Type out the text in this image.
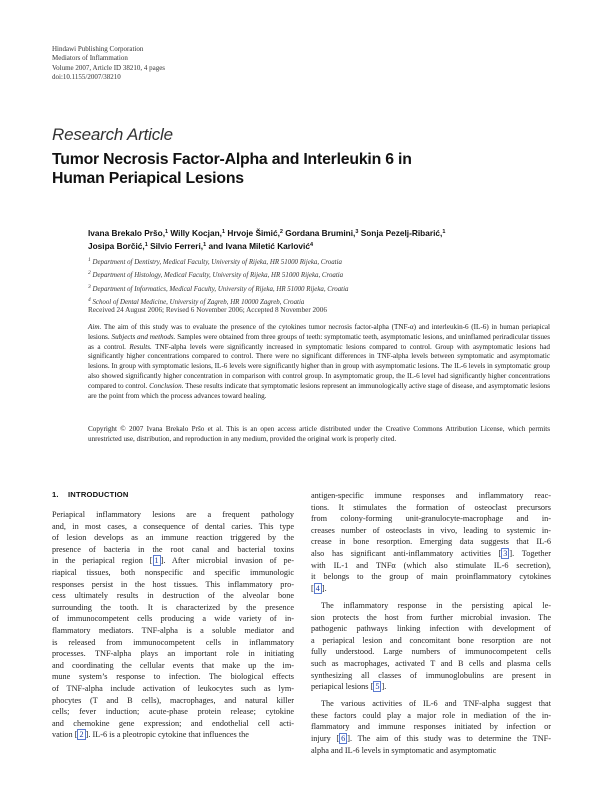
Hindawi Publishing Corporation
Mediators of Inflammation
Volume 2007, Article ID 38210, 4 pages
doi:10.1155/2007/38210
Research Article
Tumor Necrosis Factor-Alpha and Interleukin 6 in
Human Periapical Lesions
Ivana Brekalo Pršo,$^1$ Willy Kocjan,$^1$ Hrvoje Šimić,$^2$ Gordana Brumini,$^3$ Sonja Pezelj-Ribarić,$^1$
Josipa Borčić,$^1$ Silvio Ferreri,$^1$ and Ivana Miletić Karlović$^4$
$^1$ Department of Dentistry, Medical Faculty, University of Rijeka, HR 51000 Rijeka, Croatia
$^2$ Department of Histology, Medical Faculty, University of Rijeka, HR 51000 Rijeka, Croatia
$^3$ Department of Informatics, Medical Faculty, University of Rijeka, HR 51000 Rijeka, Croatia
$^4$ School of Dental Medicine, University of Zagreb, HR 10000 Zagreb, Croatia
Received 24 August 2006; Revised 6 November 2006; Accepted 8 November 2006
Aim. The aim of this study was to evaluate the presence of the cytokines tumor necrosis factor-alpha (TNF-α) and interleukin-6 (IL-6) in human periapical lesions. Subjects and methods. Samples were obtained from three groups of teeth: symptomatic teeth, asymptomatic lesions, and uninflamed periradicular tissues as a control. Results. TNF-alpha levels were significantly increased in symptomatic lesions compared to control. Group with asymptomatic lesions had significantly higher concentrations compared to control. There were no significant differences in TNF-alpha levels between symptomatic and asymptomatic lesions. In group with symptomatic lesions, IL-6 levels were significantly higher than in group with asymptomatic lesions. The IL-6 levels in symptomatic group also showed significantly higher concentration in comparison with control group. In asymptomatic group, the IL-6 level had significantly higher concentrations compared to control. Conclusion. These results indicate that symptomatic lesions represent an immunologically active stage of disease, and asymptomatic lesions are the point from which the process advances toward healing.
Copyright © 2007 Ivana Brekalo Pršo et al. This is an open access article distributed under the Creative Commons Attribution License, which permits unrestricted use, distribution, and reproduction in any medium, provided the original work is properly cited.
1. INTRODUCTION
Periapical inflammatory lesions are a frequent pathology
and, in most cases, a consequence of dental caries. This type
of lesion develops as an immune reaction triggered by the
presence of bacteria in the root canal and bacterial toxins
in the periapical region [ 1 ]. After microbial invasion of pe-
riapical tissues, both nonspecific and specific immunologic
responses persist in the host tissues. This inflammatory pro-
cess ultimately results in destruction of the alveolar bone
surrounding the tooth. It is characterized by the presence
of immunocompetent cells producing a wide variety of in-
flammatory mediators. TNF-alpha is a soluble mediator and
is released from immunocompetent cells in inflammatory
processes. TNF-alpha plays an important role in initiating
and coordinating the cellular events that make up the im-
mune system’s response to infection. The biological effects
of TNF-alpha include activation of leukocytes such as lym-
phocytes (T and B cells), macrophages, and natural killer
cells; fever induction; acute-phase protein release; cytokine
and chemokine gene expression; and endothelial cell acti-
vation [ 2 ]. IL-6 is a pleotropic cytokine that influences the
antigen-specific immune responses and inflammatory reac-
tions. It stimulates the formation of osteoclast precursors
from colony-forming unit-granulocyte-macrophage and in-
creases number of osteoclasts in vivo, leading to systemic in-
crease in bone resorption. Emerging data suggests that IL-6
also has significant anti-inflammatory activities [ 3 ]. Together
with IL-1 and TNFα (which also stimulate IL-6 secretion),
it belongs to the group of main proinflammatory cytokines
[ 4 ].
The inflammatory response in the persisting apical le-
sion protects the host from further microbial invasion. The
pathogenic pathways linking infection with development of
a periapical lesion and concomitant bone resorption are not
fully understood. Large numbers of immunocompetent cells
such as macrophages, activated T and B cells and plasma cells
synthesizing all classes of immunoglobulins are present in
periapical lesions [ 5 ].
The various activities of IL-6 and TNF-alpha suggest that
these factors could play a major role in mediation of the in-
flammatory and immune responses initiated by infection or
injury [ 6 ]. The aim of this study was to determine the TNF-
alpha and IL-6 levels in symptomatic and asymptomatic
